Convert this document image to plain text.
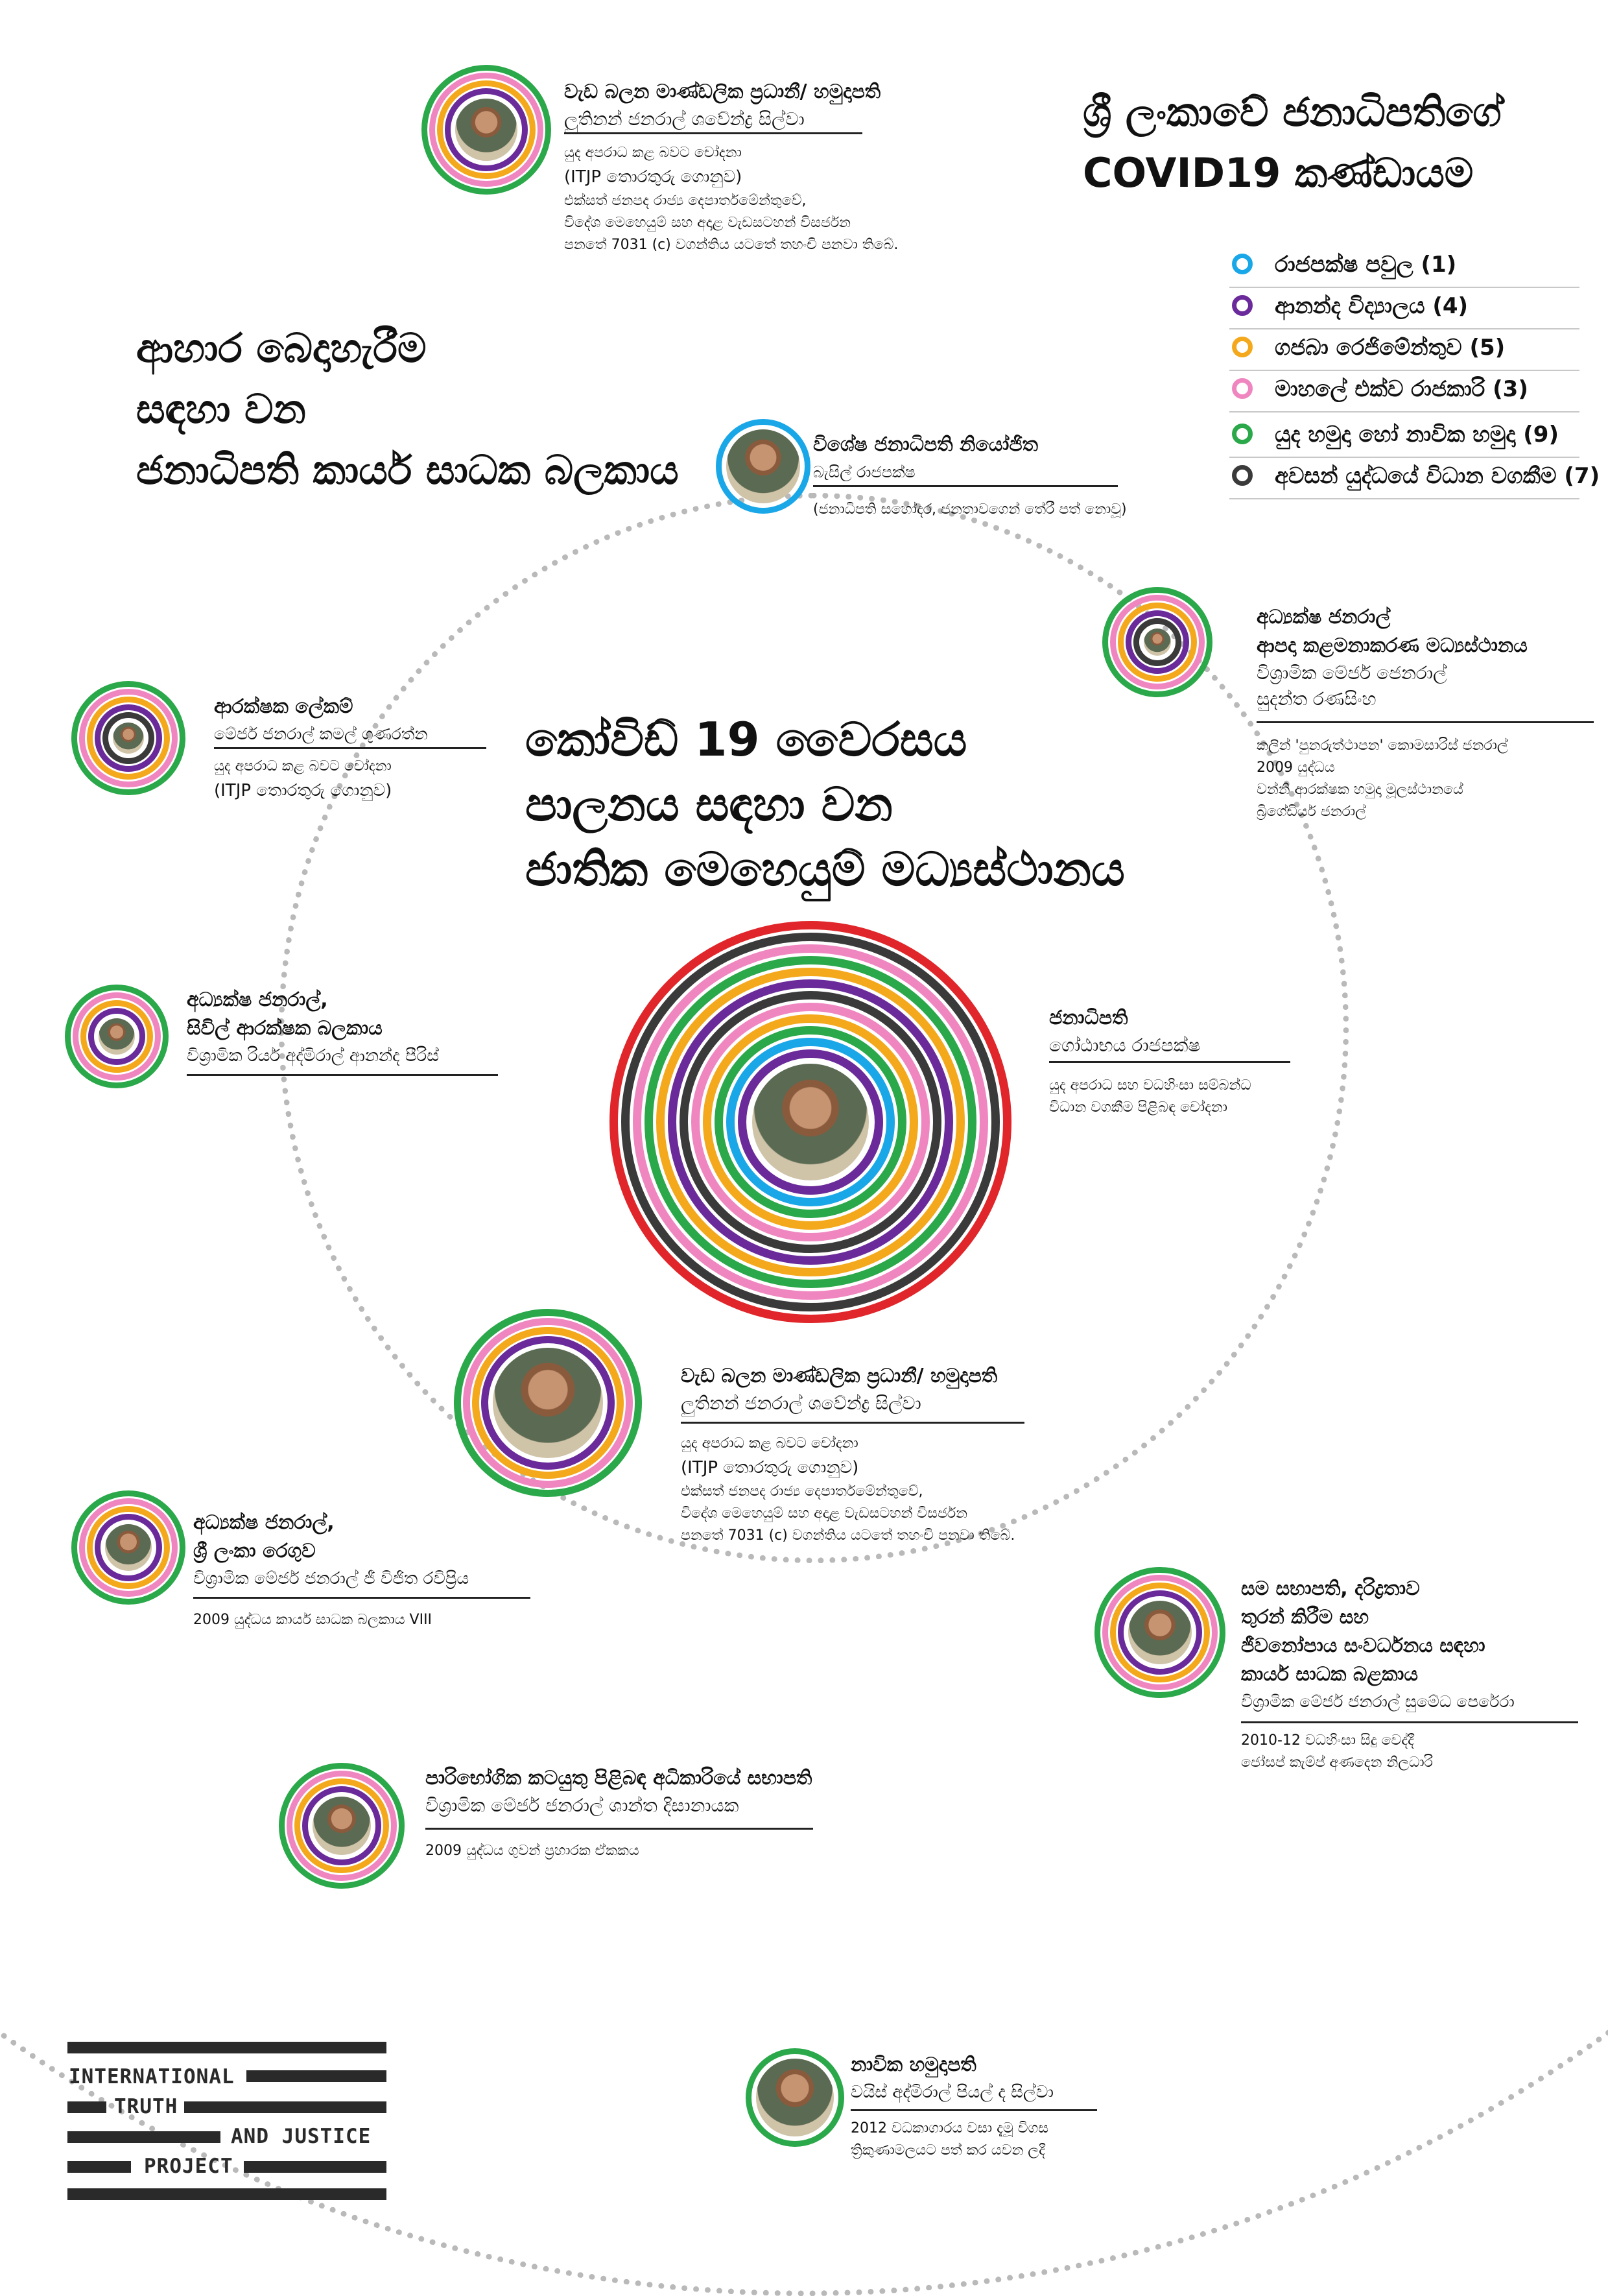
ශ්‍රී ලංකාවේ ජනාධිපතිගේ
COVID19 කණ්ඩායම
රාජපක්ෂ පවුල (1)
ආනන්ද විද්‍යාලය (4)
ගජබා රෙජිමේන්තුව (5)
මාහලේ එක්ව රාජකාරි (3)
යුද හමුදා හෝ නාවික හමුදා (9)
අවසන් යුද්ධයේ විධාන වගකීම (7)
ආහාර බෙදාහැරීම
සඳහා වන
ජනාධිපති කාර්ය සාධක බලකාය
කෝවිඩ් 19 වෛරසය
පාලනය සඳහා වන
ජාතික මෙහෙයුම් මධ්‍යස්ථානය
වැඩ බලන මාණ්ඩලික ප්‍රධානී/ හමුදාපති
ලුතිනන් ජනරාල් ශවේන්ද්‍ර සිල්වා
යුද අපරාධ කළ බවට චෝදනා
(ITJP තොරතුරු ගොනුව)
එක්සත් ජනපද රාජ්‍ය දෙපාර්තමේන්තුවේ,
විදේශ මෙහෙයුම් සහ අදාළ වැඩසටහන් විසර්ජන
පනතේ 7031 (c) වගන්තිය යටතේ තහංචි පනවා තිබේ.
විශේෂ ජනාධිපති නියෝජිත
බැසිල් රාජපක්ෂ
(ජනාධිපති සහෝදර, ජනතාවගෙන් තේරී පත් නොවූ)
අධ්‍යක්ෂ ජනරාල්
ආපදා කළමනාකරණ මධ්‍යස්ථානය
විශ්‍රාමික මේජර් ජෙනරාල්
සුදන්ත රණසිංහ
කලින් 'පුනරුත්ථාපන' කොමසාරිස් ජනරාල්
2009 යුද්ධය
වන්නි ආරක්ෂක හමුදා මූලස්ථානයේ
බ්‍රිගේඩියර් ජනරාල්
ආරක්ෂක ලේකම්
මේජර් ජනරාල් කමල් ගුණරත්න
යුද අපරාධ කළ බවට චෝදනා
(ITJP තොරතුරු ගොනුව)
අධ්‍යක්ෂ ජනරාල්,
සිවිල් ආරක්ෂක බලකාය
විශ්‍රාමික රියර් අද්මිරාල් ආනන්ද පීරිස්
ජනාධිපති
ගෝඨාභය රාජපක්ෂ
යුද අපරාධ සහ වධහිංසා සම්බන්ධ
විධාන වගකීම පිළිබඳ චෝදනා
වැඩ බලන මාණ්ඩලික ප්‍රධානී/ හමුදාපති
ලුතිනන් ජනරාල් ශවේන්ද්‍ර සිල්වා
යුද අපරාධ කළ බවට චෝදනා
(ITJP තොරතුරු ගොනුව)
එක්සත් ජනපද රාජ්‍ය දෙපාර්තමේන්තුවේ,
විදේශ මෙහෙයුම් සහ අදාළ වැඩසටහන් විසර්ජන
පනතේ 7031 (c) වගන්තිය යටතේ තහංචි පනවා තිබේ.
අධ්‍යක්ෂ ජනරාල්,
ශ්‍රී ලංකා රෙගුව
විශ්‍රාමික මේජර් ජනරාල් ජී විජිත රවිප්‍රිය
2009 යුද්ධය කාර්ය සාධක බලකාය VIII
සම සභාපති, දරිද්‍රතාව
තුරන් කිරීම සහ
ජීවනෝපාය සංවර්ධනය සඳහා
කාර්ය සාධක බළකාය
විශ්‍රාමික මේජර් ජනරාල් සුමේධ පෙරේරා
2010-12 වධහිංසා සිදු වෙද්දී
ජෝසප් කැම්ප් අණදෙන නිලධාරි
පාරිභෝගික කටයුතු පිළිබඳ අධිකාරියේ සභාපති
විශ්‍රාමික මේජර් ජනරාල් ශාන්ත දිසානායක
2009 යුද්ධය ගුවන් ප්‍රහාරක ඒකකය
නාවික හමුදාපති
වයිස් අද්මිරාල් පියල් ද සිල්වා
2012 වධකාගාරය වසා දැමූ විගස
ත්‍රිකුණාමලයට පත් කර යවන ලදී
INTERNATIONAL
TRUTH
AND JUSTICE
PROJECT
